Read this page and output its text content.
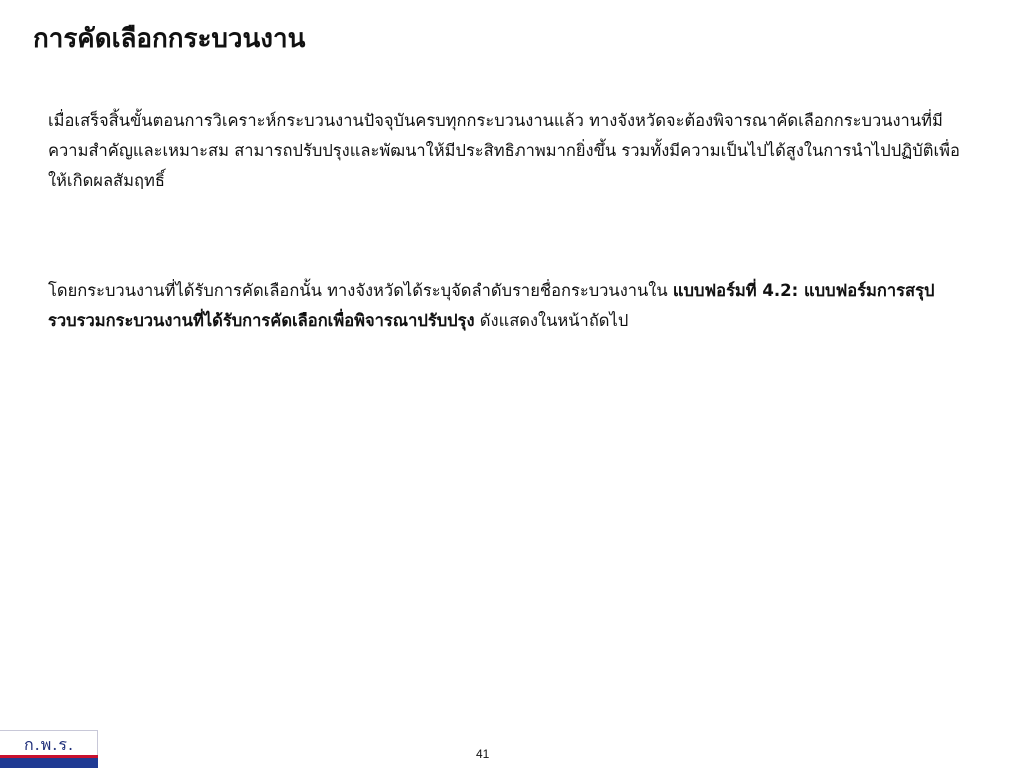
การคัดเลือกกระบวนงาน
เมื่อเสร็จสิ้นขั้นตอนการวิเคราะห์กระบวนงานปัจจุบันครบทุกกระบวนงานแล้ว ทางจังหวัดจะต้องพิจารณาคัดเลือกกระบวนงานที่มีความสำคัญและเหมาะสม สามารถปรับปรุงและพัฒนาให้มีประสิทธิภาพมากยิ่งขึ้น รวมทั้งมีความเป็นไปได้สูงในการนำไปปฏิบัติเพื่อให้เกิดผลสัมฤทธิ์
โดยกระบวนงานที่ได้รับการคัดเลือกนั้น ทางจังหวัดได้ระบุจัดลำดับรายชื่อกระบวนงานใน แบบฟอร์มที่ 4.2: แบบฟอร์มการสรุปรวบรวมกระบวนงานที่ได้รับการคัดเลือกเพื่อพิจารณาปรับปรุง ดังแสดงในหน้าถัดไป
ก.พ.ร.	41
